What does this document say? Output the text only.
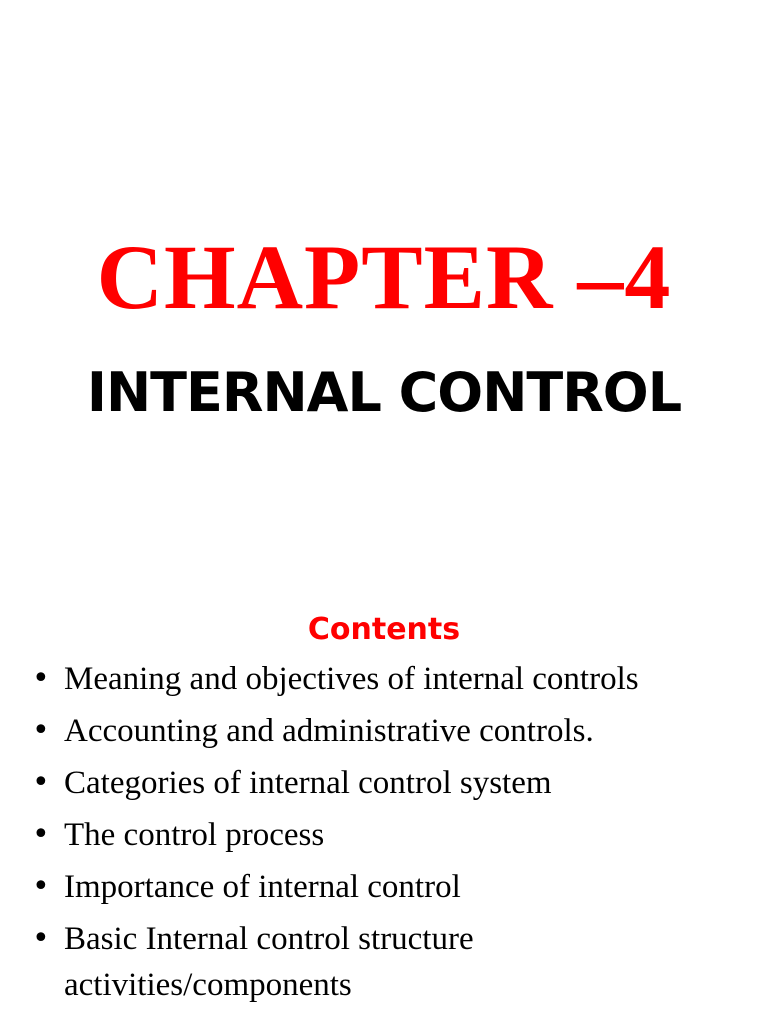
CHAPTER –4
INTERNAL CONTROL
Contents
• Meaning and objectives of internal controls
• Accounting and administrative controls.
• Categories of internal control system
• The control process
• Importance of internal control
• Basic Internal control structure
activities/components
